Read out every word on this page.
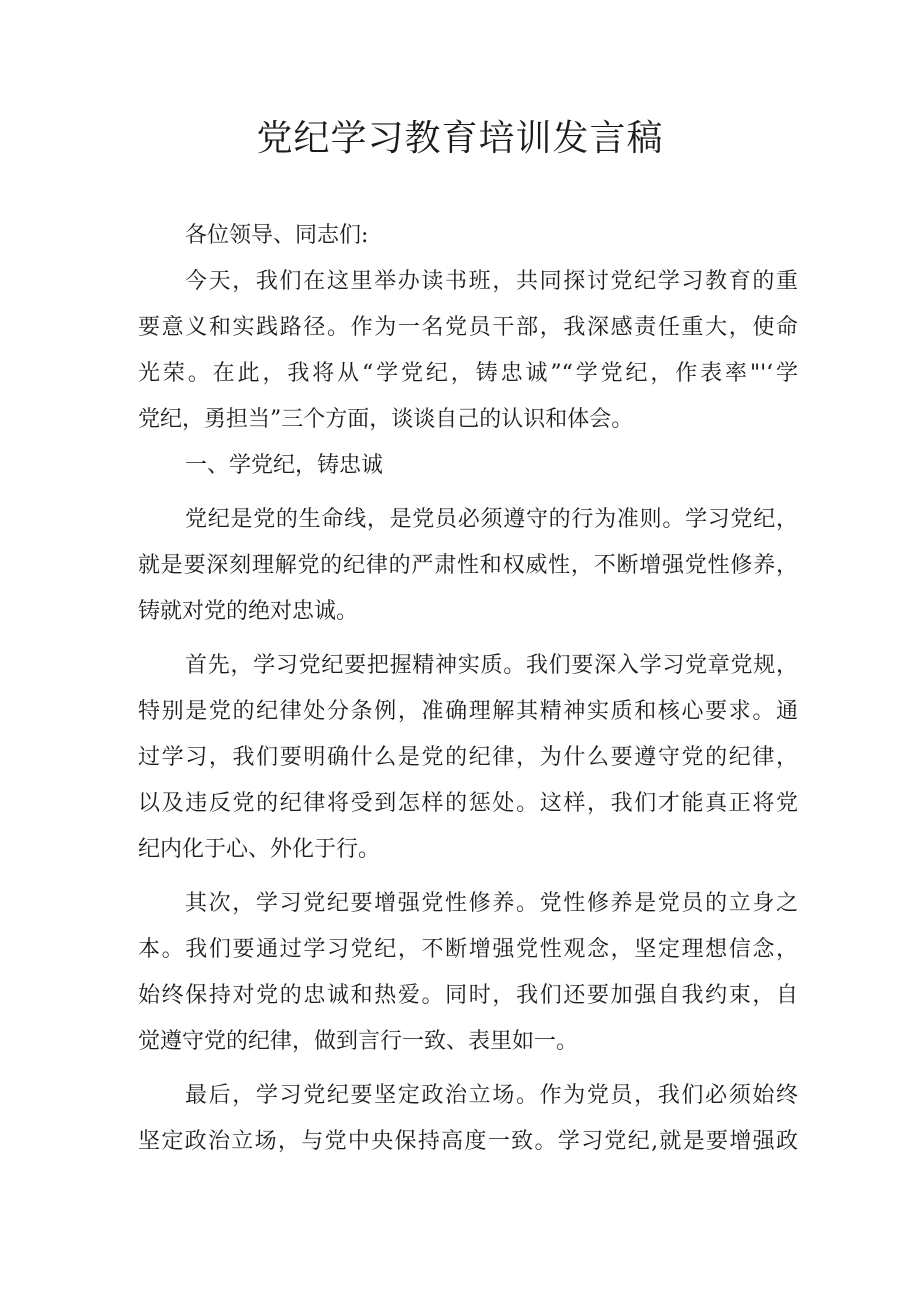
党纪学习教育培训发言稿

各位领导、同志们:

今天，我们在这里举办读书班，共同探讨党纪学习教育的重

要意义和实践路径。作为一名党员干部，我深感责任重大，使命

光荣。在此，我将从“学党纪，铸忠诚”“学党纪，作表率"'‘学

党纪，勇担当”三个方面，谈谈自己的认识和体会。

一、学党纪，铸忠诚

党纪是党的生命线，是党员必须遵守的行为准则。学习党纪，

就是要深刻理解党的纪律的严肃性和权威性，不断增强党性修养，

铸就对党的绝对忠诚。

首先，学习党纪要把握精神实质。我们要深入学习党章党规，

特别是党的纪律处分条例，准确理解其精神实质和核心要求。通

过学习，我们要明确什么是党的纪律，为什么要遵守党的纪律，

以及违反党的纪律将受到怎样的惩处。这样，我们才能真正将党

纪内化于心、外化于行。

其次，学习党纪要增强党性修养。党性修养是党员的立身之

本。我们要通过学习党纪，不断增强党性观念，坚定理想信念，

始终保持对党的忠诚和热爱。同时，我们还要加强自我约束，自

觉遵守党的纪律，做到言行一致、表里如一。

最后，学习党纪要坚定政治立场。作为党员，我们必须始终

坚定政治立场，与党中央保持高度一致。学习党纪,就是要增强政
